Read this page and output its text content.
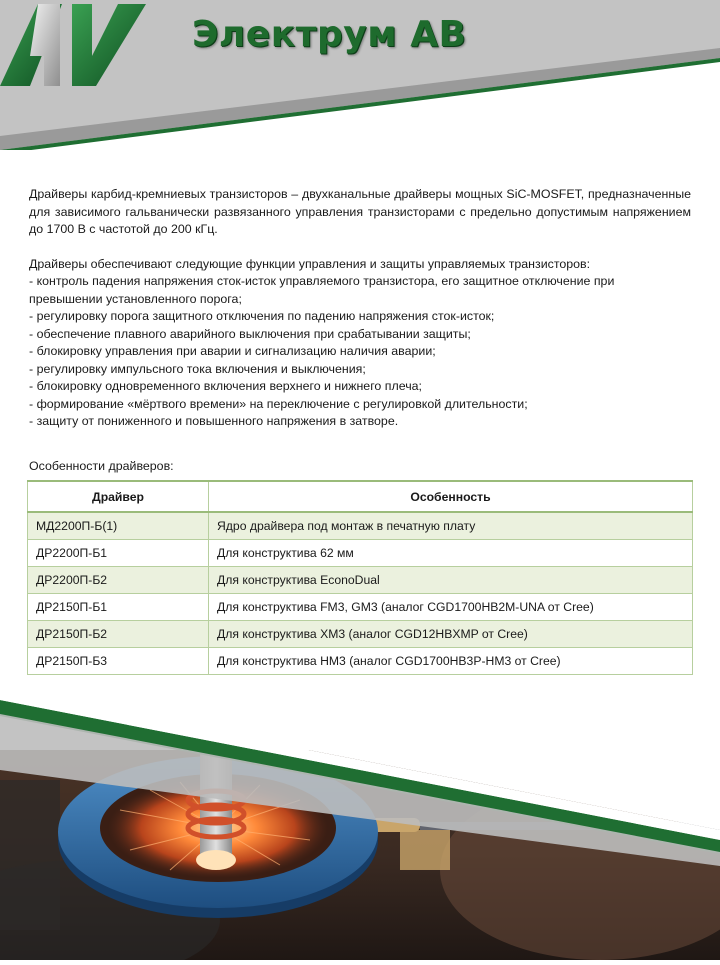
Электрум АВ

Драйверы карбид-кремниевых транзисторов – двухканальные драйверы мощных SiC-MOSFET, предназначенные для зависимого гальванически развязанного управления транзисторами с предельно допустимым напряжением до 1700 В с частотой до 200 кГц.

Драйверы обеспечивают следующие функции управления и защиты управляемых транзисторов:

- контроль падения напряжения сток-исток управляемого транзистора, его защитное отключение при превышении установленного порога;
- регулировку порога защитного отключения по падению напряжения сток-исток;
- обеспечение плавного аварийного выключения при срабатывании защиты;
- блокировку управления при аварии и сигнализацию наличия аварии;
- регулировку импульсного тока включения и выключения;
- блокировку одновременного включения верхнего и нижнего плеча;
- формирование «мёртвого времени» на переключение с регулировкой длительности;
- защиту от пониженного и повышенного напряжения в затворе.
Особенности драйверов:
Драйвер	Особенность
МД2200П-Б(1)	Ядро драйвера под монтаж в печатную плату
ДР2200П-Б1	Для конструктива 62 мм
ДР2200П-Б2	Для конструктива EconoDual
ДР2150П-Б1	Для конструктива FM3, GM3 (аналог CGD1700HB2M-UNA от Cree)
ДР2150П-Б2	Для конструктива XM3 (аналог CGD12HBXMP от Cree)
ДР2150П-Б3	Для конструктива HM3 (аналог CGD1700HB3P-HM3 от Cree)
